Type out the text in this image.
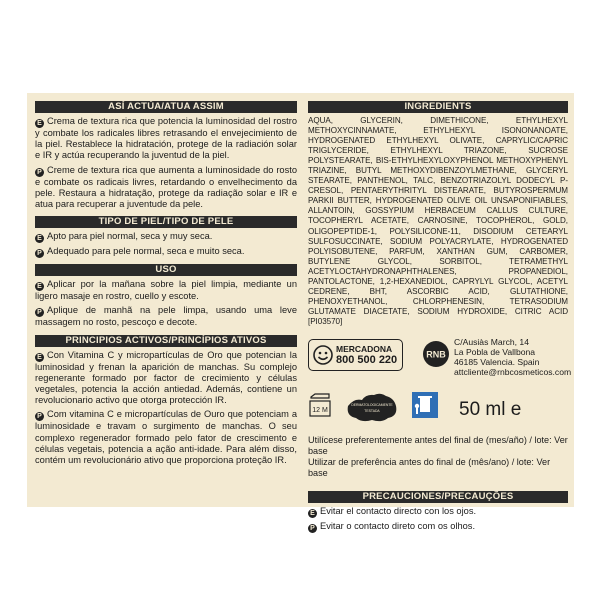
ASÍ ACTÚA/ATUA ASSIM
E Crema de textura rica que potencia la luminosidad del rostro y combate los radicales libres retrasando el envejecimiento de la piel. Restablece la hidratación, protege de la radiación solar e IR y actúa recuperando la juventud de la piel.
P Creme de textura rica que aumenta a luminosidade do rosto e combate os radicais livres, retardando o envelhecimento da pele. Restaura a hidratação, protege da radiação solar e IR e atua para recuperar a juventude da pele.
TIPO DE PIEL/TIPO DE PELE
E Apto para piel normal, seca y muy seca.
P Adequado para pele normal, seca e muito seca.
USO
E Aplicar por la mañana sobre la piel limpia, mediante un ligero masaje en rostro, cuello y escote.
P Aplique de manhã na pele limpa, usando uma leve massagem no rosto, pescoço e decote.
PRINCIPIOS ACTIVOS/PRINCÍPIOS ATIVOS
E Con Vitamina C y micropartículas de Oro que potencian la luminosidad y frenan la aparición de manchas. Su complejo regenerante formado por factor de crecimiento y células vegetales, potencia la acción antiedad. Además, contiene un revolucionario activo que otorga protección IR.
P Com vitamina C e micropartículas de Ouro que potenciam a luminosidade e travam o surgimento de manchas. O seu complexo regenerador formado pelo fator de crescimento e células vegetais, potencia a ação anti-idade. Para além disso, contém um revolucionário ativo que proporciona proteção IR.
INGREDIENTS
AQUA, GLYCERIN, DIMETHICONE, ETHYLHEXYL METHOXYCINNAMATE, ETHYLHEXYL ISONONANOATE, HYDROGENATED ETHYLHEXYL OLIVATE, CAPRYLIC/CAPRIC TRIGLYCERIDE, ETHYLHEXYL TRIAZONE, SUCROSE POLYSTEARATE, BIS-ETHYLHEXYLOXYPHENOL METHOXYPHENYL TRIAZINE, BUTYL METHOXYDIBENZOYLMETHANE, GLYCERYL STEARATE, PANTHENOL, TALC, BENZOTRIAZOLYL DODECYL P-CRESOL, PENTAERYTHRITYL DISTEARATE, BUTYROSPERMUM PARKII BUTTER, HYDROGENATED OLIVE OIL UNSAPONIFIABLES, ALLANTOIN, GOSSYPIUM HERBACEUM CALLUS CULTURE, TOCOPHERYL ACETATE, CARNOSINE, TOCOPHEROL, GOLD, OLIGOPEPTIDE-1, POLYSILICONE-11, DISODIUM CETEARYL SULFOSUCCINATE, SODIUM POLYACRYLATE, HYDROGENATED POLYISOBUTENE, PARFUM, XANTHAN GUM, CARBOMER, BUTYLENE GLYCOL, SORBITOL, TETRAMETHYL ACETYLOCTAHYDRONAPHTHALENES, PROPANEDIOL, PANTOLACTONE, 1,2-HEXANEDIOL, CAPRYLYL GLYCOL, ACETYL CEDRENE, BHT, ASCORBIC ACID, GLUTATHIONE, PHENOXYETHANOL, CHLORPHENESIN, TETRASODIUM GLUTAMATE DIACETATE, SODIUM HYDROXIDE, CITRIC ACID [PI03570]
MERCADONA
800 500 220	RNB
C/Ausiàs March, 14
La Pobla de Vallbona
46185 Valencia. Spain
attcliente@rnbcosmeticos.com
12 M
DERMATOLOGICAMENTE
TESTADA	50 ml e
Utilícese preferentemente antes del final de (mes/año) / lote: Ver base
Utilizar de preferência antes do final de (mês/ano) / lote: Ver base
PRECAUCIONES/PRECAUÇÕES
E Evitar el contacto directo con los ojos.
P Evitar o contacto direto com os olhos.
